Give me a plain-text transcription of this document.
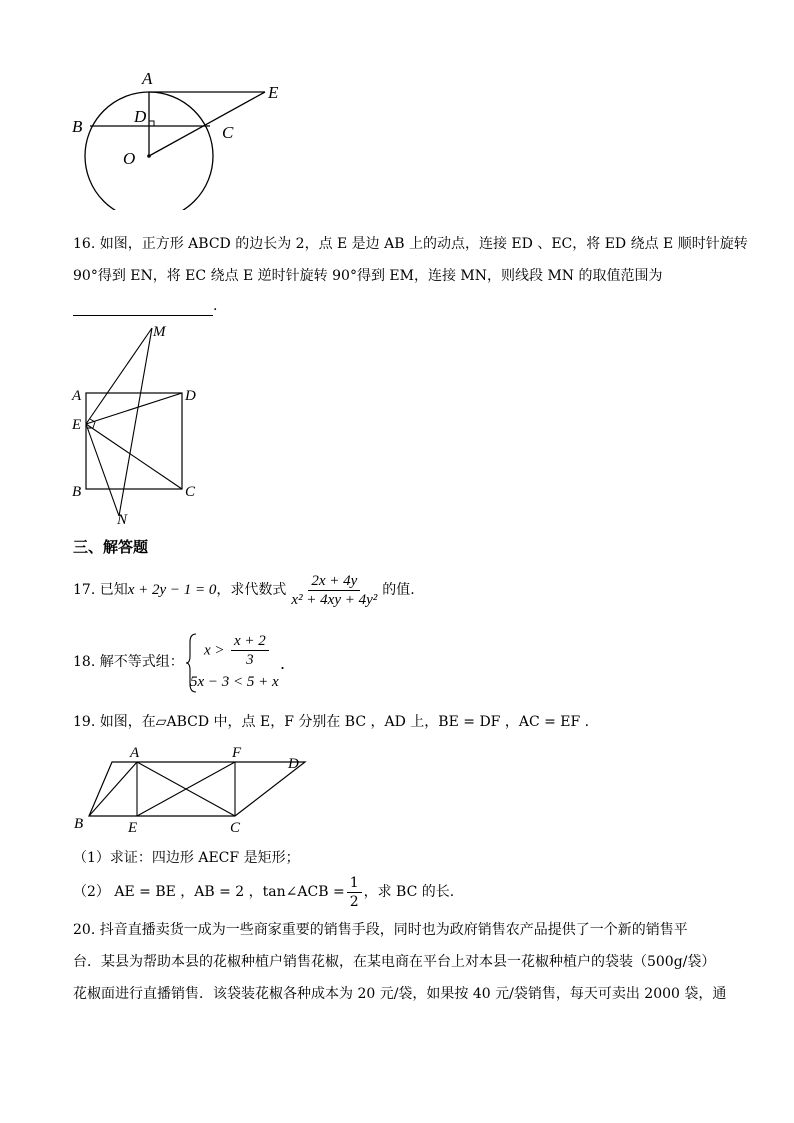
A
B
D
C
E
O
16. 如图，正方形 ABCD 的边长为 2，点 E 是边 AB 上的动点，连接 ED 、EC，将 ED 绕点 E 顺时针旋转
90°得到 EN，将 EC 绕点 E 逆时针旋转 90°得到 EM，连接 MN，则线段 MN 的取值范围为
.
M
A	D
E
B	C
N
三、解答题
17. 已知x + 2y − 1 = 0，求代数式 $\frac{2x + 4y}{\text{x² + 4xy + 4y²}}$ 的值.
18. 解不等式组：
$x > \frac{x + 2}{3}$
5x − 3 < 5 + x
.
19. 如图，在▱ABCD 中，点 E，F 分别在 BC ，AD 上，BE = DF ，AC = EF .
A	F
D
B	E	C
（1）求证：四边形 AECF 是矩形；
（2） AE = BE ，AB = 2 ，tan∠ACB = $\frac{1}{2}$ ，求 BC 的长.
20. 抖音直播卖货一成为一些商家重要的销售手段，同时也为政府销售农产品提供了一个新的销售平
台．某县为帮助本县的花椒种植户销售花椒，在某电商在平台上对本县一花椒种植户的袋装（500g/袋）
花椒面进行直播销售．该袋装花椒各种成本为 20 元/袋，如果按 40 元/袋销售，每天可卖出 2000 袋，通
